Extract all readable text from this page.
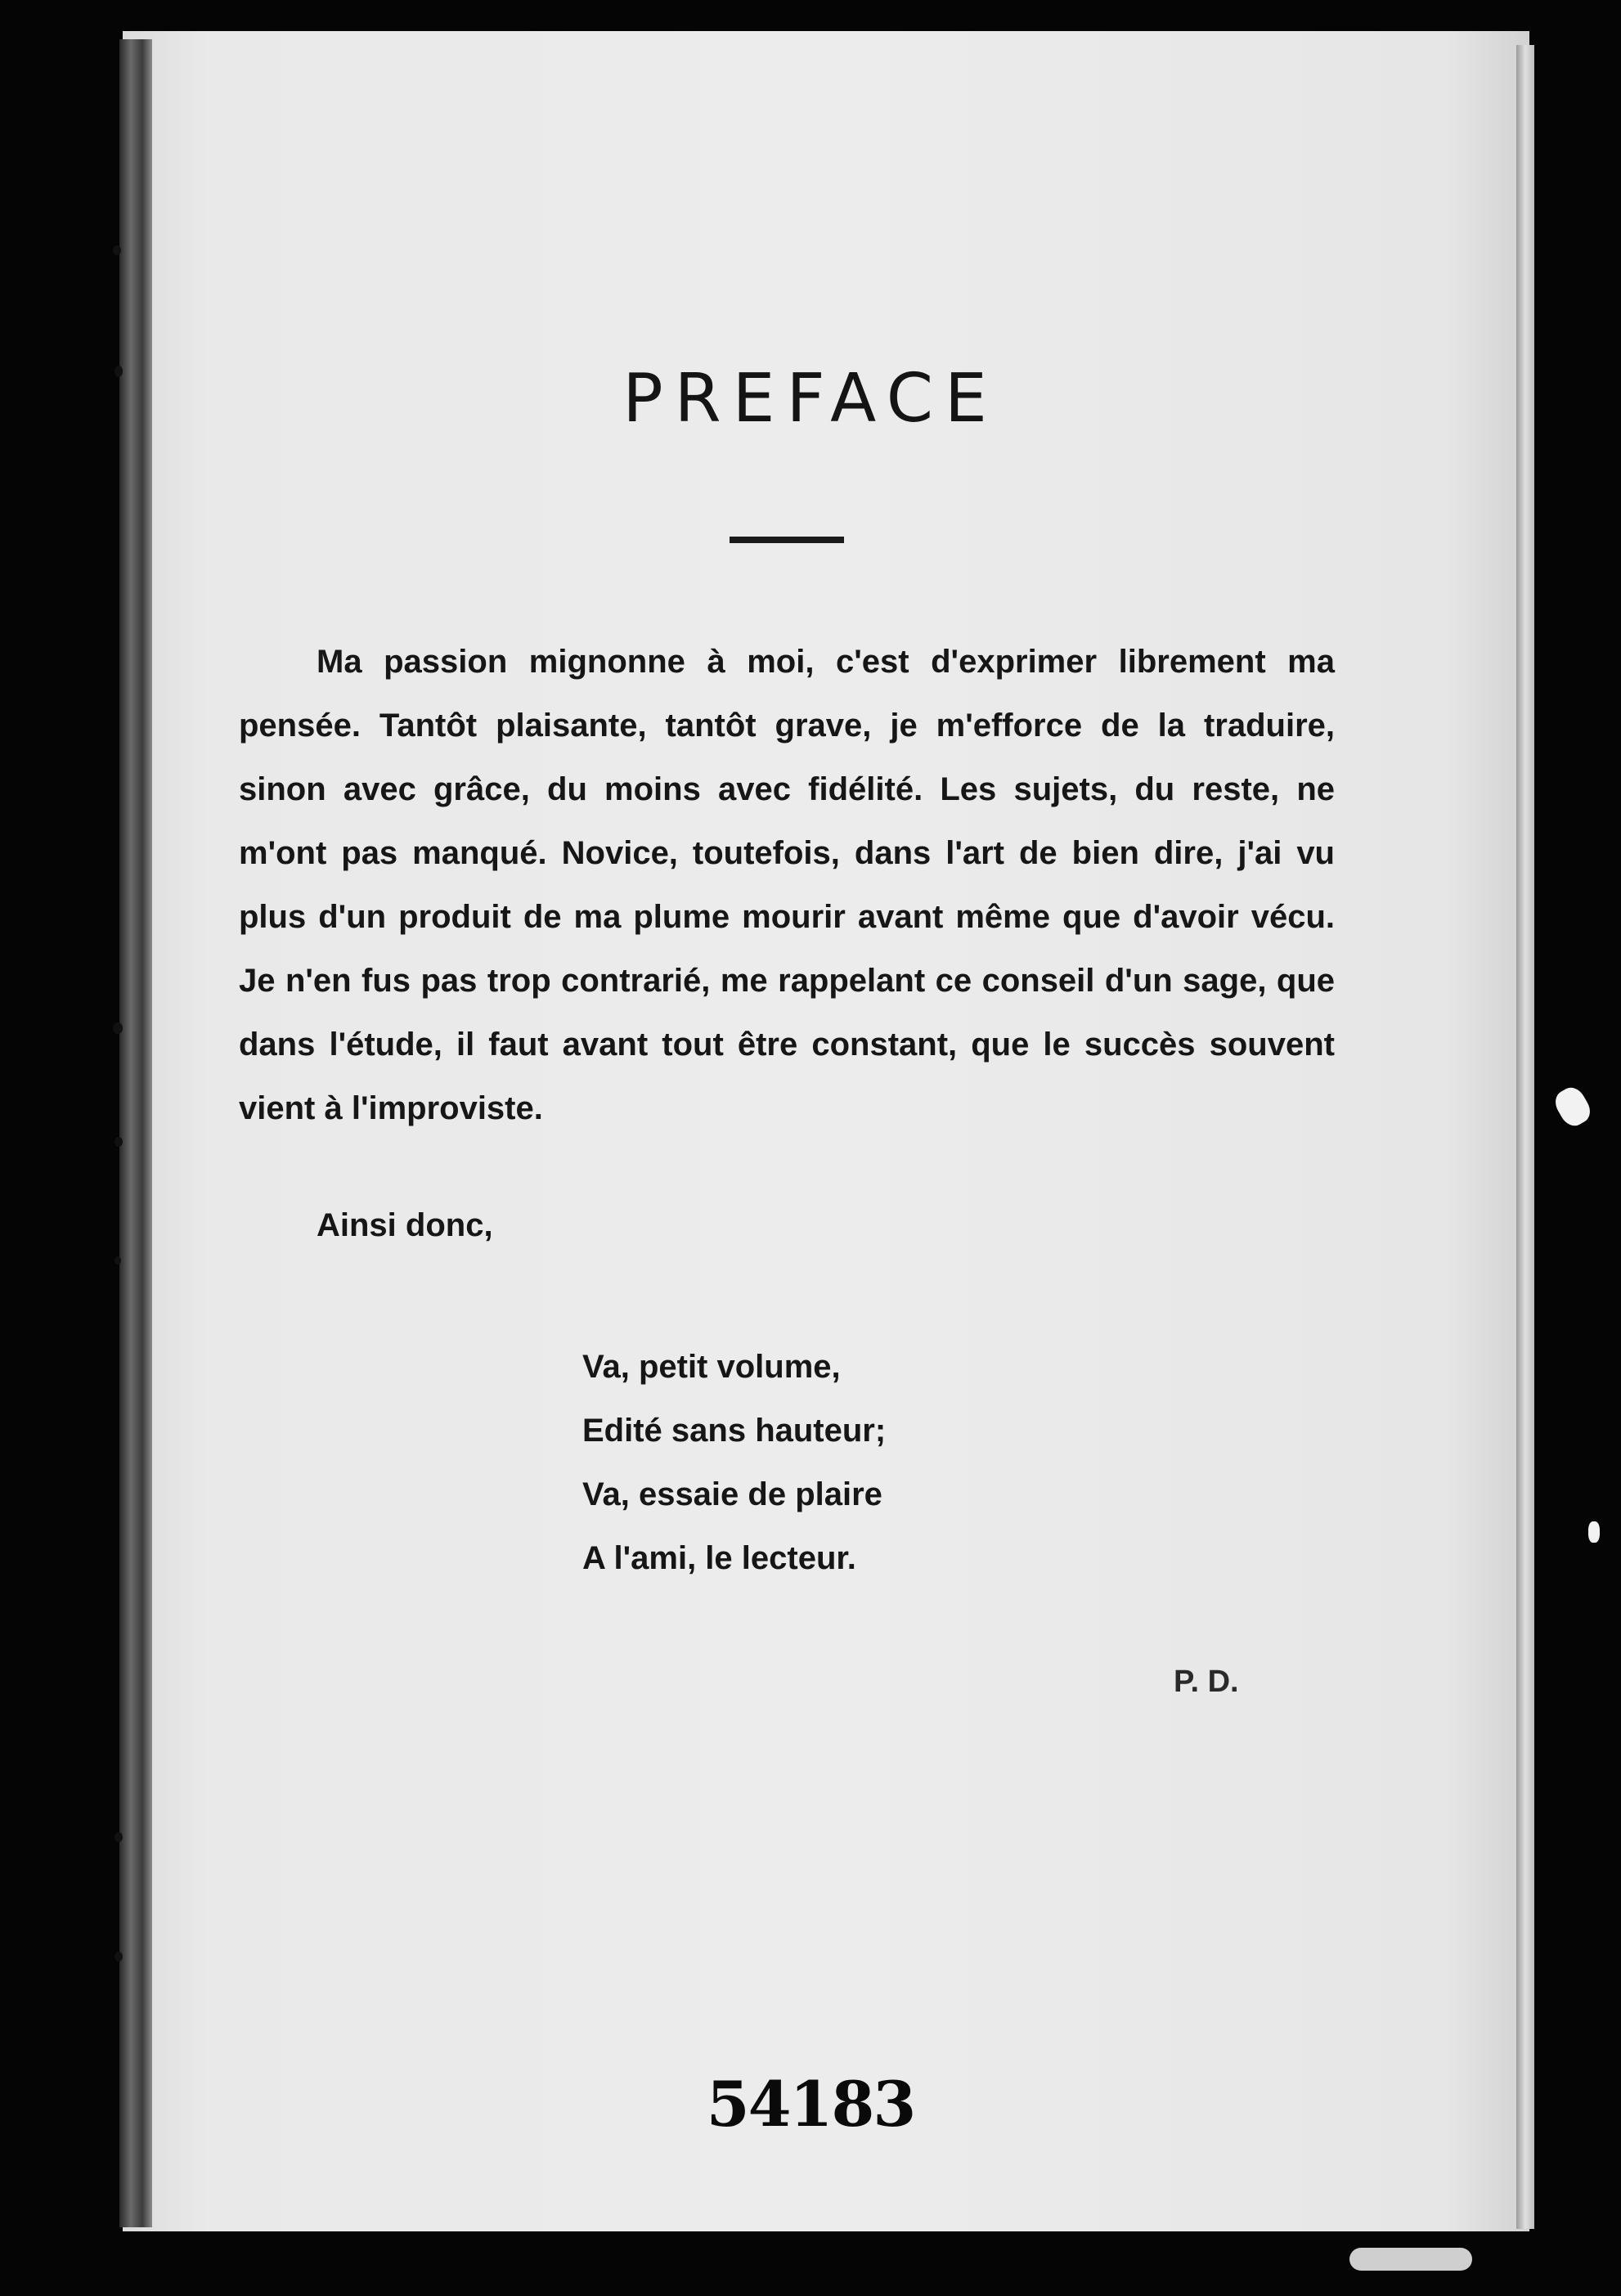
PREFACE

Ma passion mignonne à moi, c'est d'exprimer librement ma pensée. Tantôt plaisante, tantôt grave, je m'efforce de la traduire, sinon avec grâce, du moins avec fidélité. Les sujets, du reste, ne m'ont pas manqué. Novice, toutefois, dans l'art de bien dire, j'ai vu plus d'un produit de ma plume mourir avant même que d'avoir vécu. Je n'en fus pas trop contrarié, me rappelant ce conseil d'un sage, que dans l'étude, il faut avant tout être constant, que le succès souvent vient à l'improviste.

Ainsi donc,
Va, petit volume,
Edité sans hauteur;
Va, essaie de plaire
A l'ami, le lecteur.
P. D.
54183
